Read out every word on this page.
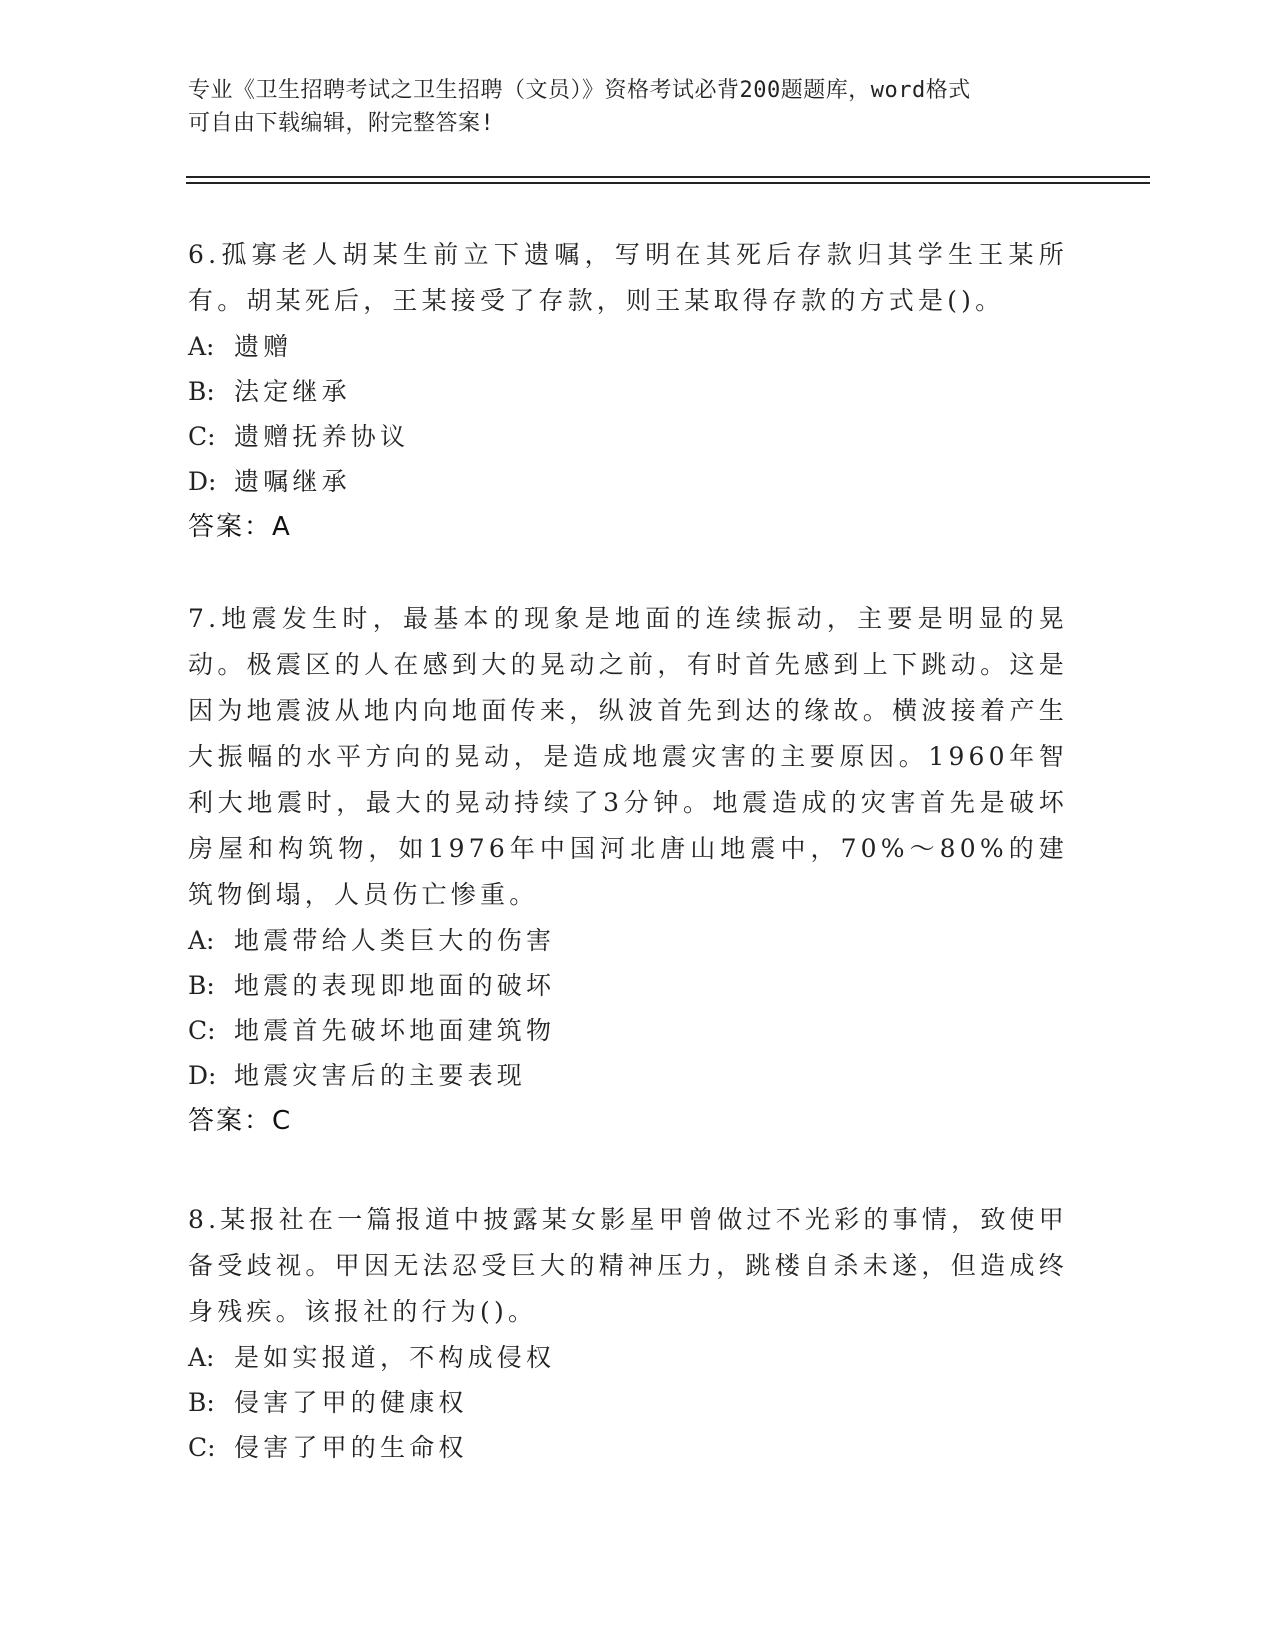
专业《卫生招聘考试之卫生招聘（文员）》资格考试必背200题题库，word格式
可自由下载编辑，附完整答案!

6.孤寡老人胡某生前立下遗嘱，写明在其死后存款归其学生王某所有。胡某死后，王某接受了存款，则王某取得存款的方式是()。

A: 遗赠

B: 法定继承

C: 遗赠抚养协议

D: 遗嘱继承

答案：A

7.地震发生时，最基本的现象是地面的连续振动，主要是明显的晃动。极震区的人在感到大的晃动之前，有时首先感到上下跳动。这是因为地震波从地内向地面传来，纵波首先到达的缘故。横波接着产生大振幅的水平方向的晃动，是造成地震灾害的主要原因。1960年智利大地震时，最大的晃动持续了3分钟。地震造成的灾害首先是破坏房屋和构筑物，如1976年中国河北唐山地震中，70%～80%的建筑物倒塌，人员伤亡惨重。

A: 地震带给人类巨大的伤害

B: 地震的表现即地面的破坏

C: 地震首先破坏地面建筑物

D: 地震灾害后的主要表现

答案：C

8.某报社在一篇报道中披露某女影星甲曾做过不光彩的事情，致使甲备受歧视。甲因无法忍受巨大的精神压力，跳楼自杀未遂，但造成终身残疾。该报社的行为()。

A: 是如实报道，不构成侵权

B: 侵害了甲的健康权

C: 侵害了甲的生命权
